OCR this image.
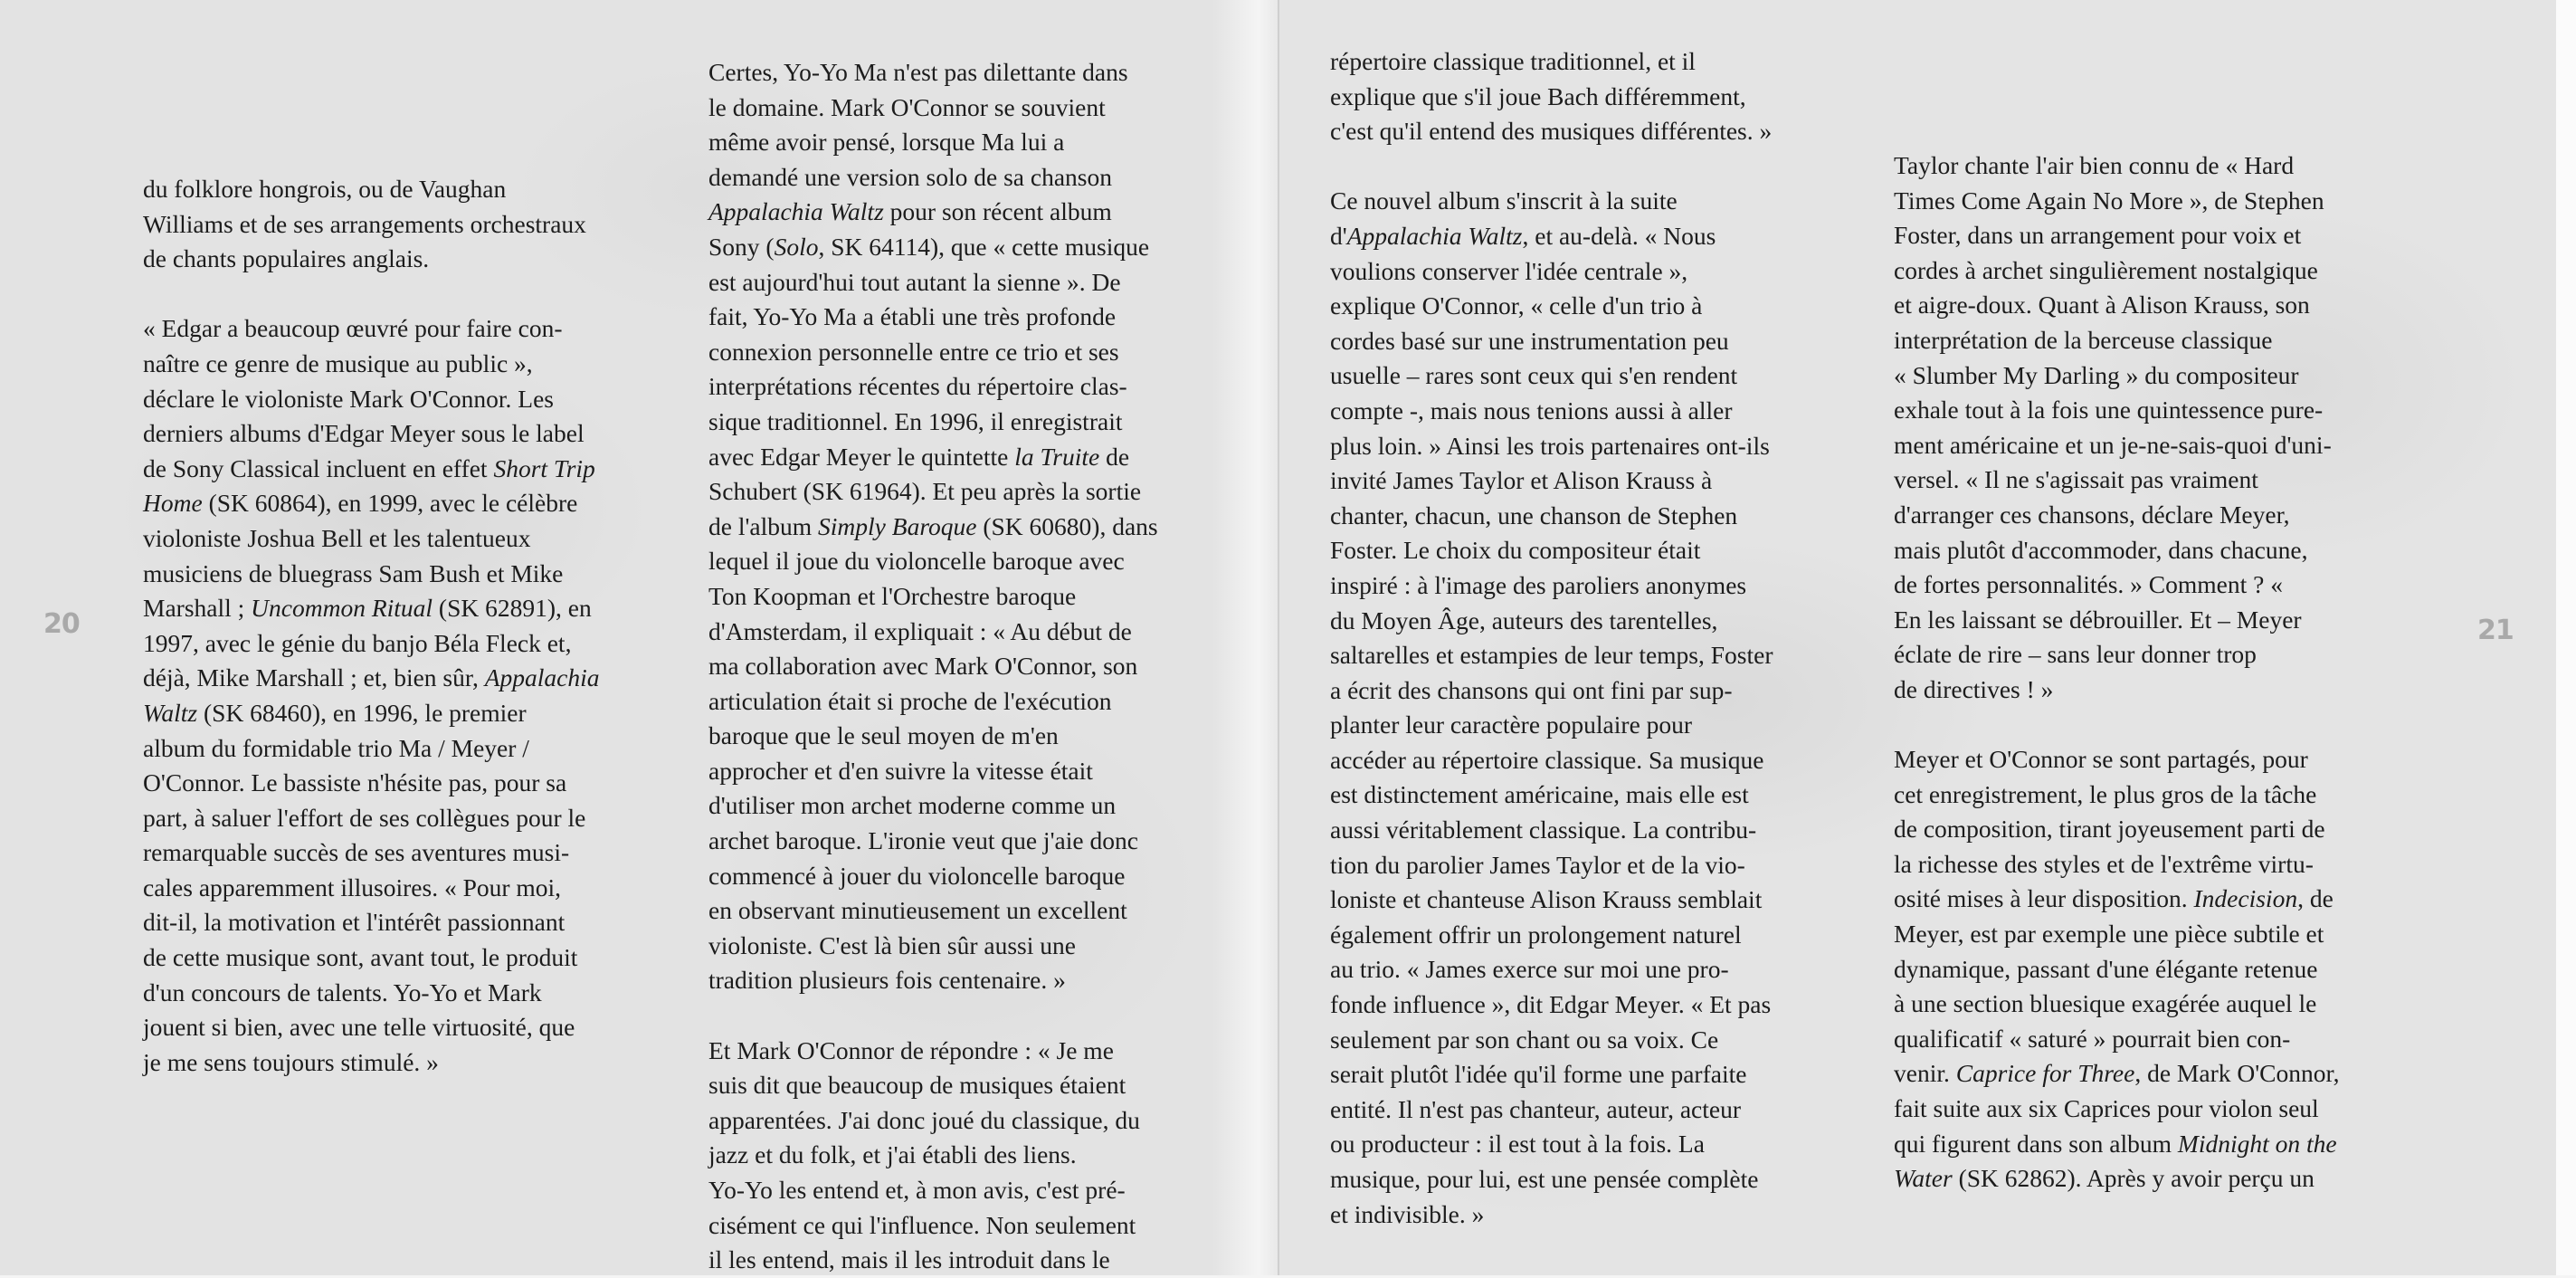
20	21
du folklore hongrois, ou de Vaughan
Williams et de ses arrangements orchestraux
de chants populaires anglais.
« Edgar a beaucoup œuvré pour faire con-
naître ce genre de musique au public »,
déclare le violoniste Mark O'Connor. Les
derniers albums d'Edgar Meyer sous le label
de Sony Classical incluent en effet Short Trip
Home (SK 60864), en 1999, avec le célèbre
violoniste Joshua Bell et les talentueux
musiciens de bluegrass Sam Bush et Mike
Marshall ; Uncommon Ritual (SK 62891), en
1997, avec le génie du banjo Béla Fleck et,
déjà, Mike Marshall ; et, bien sûr, Appalachia
Waltz (SK 68460), en 1996, le premier
album du formidable trio Ma / Meyer /
O'Connor. Le bassiste n'hésite pas, pour sa
part, à saluer l'effort de ses collègues pour le
remarquable succès de ses aventures musi-
cales apparemment illusoires. « Pour moi,
dit-il, la motivation et l'intérêt passionnant
de cette musique sont, avant tout, le produit
d'un concours de talents. Yo-Yo et Mark
jouent si bien, avec une telle virtuosité, que
je me sens toujours stimulé. »
Certes, Yo-Yo Ma n'est pas dilettante dans
le domaine. Mark O'Connor se souvient
même avoir pensé, lorsque Ma lui a
demandé une version solo de sa chanson
Appalachia Waltz pour son récent album
Sony (Solo, SK 64114), que « cette musique
est aujourd'hui tout autant la sienne ». De
fait, Yo-Yo Ma a établi une très profonde
connexion personnelle entre ce trio et ses
interprétations récentes du répertoire clas-
sique traditionnel. En 1996, il enregistrait
avec Edgar Meyer le quintette la Truite de
Schubert (SK 61964). Et peu après la sortie
de l'album Simply Baroque (SK 60680), dans
lequel il joue du violoncelle baroque avec
Ton Koopman et l'Orchestre baroque
d'Amsterdam, il expliquait : « Au début de
ma collaboration avec Mark O'Connor, son
articulation était si proche de l'exécution
baroque que le seul moyen de m'en
approcher et d'en suivre la vitesse était
d'utiliser mon archet moderne comme un
archet baroque. L'ironie veut que j'aie donc
commencé à jouer du violoncelle baroque
en observant minutieusement un excellent
violoniste. C'est là bien sûr aussi une
tradition plusieurs fois centenaire. »
Et Mark O'Connor de répondre : « Je me
suis dit que beaucoup de musiques étaient
apparentées. J'ai donc joué du classique, du
jazz et du folk, et j'ai établi des liens.
Yo-Yo les entend et, à mon avis, c'est pré-
cisément ce qui l'influence. Non seulement
il les entend, mais il les introduit dans le
répertoire classique traditionnel, et il
explique que s'il joue Bach différemment,
c'est qu'il entend des musiques différentes. »
Ce nouvel album s'inscrit à la suite
d'Appalachia Waltz, et au-delà. « Nous
voulions conserver l'idée centrale »,
explique O'Connor, « celle d'un trio à
cordes basé sur une instrumentation peu
usuelle – rares sont ceux qui s'en rendent
compte -, mais nous tenions aussi à aller
plus loin. » Ainsi les trois partenaires ont-ils
invité James Taylor et Alison Krauss à
chanter, chacun, une chanson de Stephen
Foster. Le choix du compositeur était
inspiré : à l'image des paroliers anonymes
du Moyen Âge, auteurs des tarentelles,
saltarelles et estampies de leur temps, Foster
a écrit des chansons qui ont fini par sup-
planter leur caractère populaire pour
accéder au répertoire classique. Sa musique
est distinctement américaine, mais elle est
aussi véritablement classique. La contribu-
tion du parolier James Taylor et de la vio-
loniste et chanteuse Alison Krauss semblait
également offrir un prolongement naturel
au trio. « James exerce sur moi une pro-
fonde influence », dit Edgar Meyer. « Et pas
seulement par son chant ou sa voix. Ce
serait plutôt l'idée qu'il forme une parfaite
entité. Il n'est pas chanteur, auteur, acteur
ou producteur : il est tout à la fois. La
musique, pour lui, est une pensée complète
et indivisible. »
Taylor chante l'air bien connu de « Hard
Times Come Again No More », de Stephen
Foster, dans un arrangement pour voix et
cordes à archet singulièrement nostalgique
et aigre-doux. Quant à Alison Krauss, son
interprétation de la berceuse classique
« Slumber My Darling » du compositeur
exhale tout à la fois une quintessence pure-
ment américaine et un je-ne-sais-quoi d'uni-
versel. « Il ne s'agissait pas vraiment
d'arranger ces chansons, déclare Meyer,
mais plutôt d'accommoder, dans chacune,
de fortes personnalités. » Comment ? «
En les laissant se débrouiller. Et – Meyer
éclate de rire – sans leur donner trop
de directives ! »
Meyer et O'Connor se sont partagés, pour
cet enregistrement, le plus gros de la tâche
de composition, tirant joyeusement parti de
la richesse des styles et de l'extrême virtu-
osité mises à leur disposition. Indecision, de
Meyer, est par exemple une pièce subtile et
dynamique, passant d'une élégante retenue
à une section bluesique exagérée auquel le
qualificatif « saturé » pourrait bien con-
venir. Caprice for Three, de Mark O'Connor,
fait suite aux six Caprices pour violon seul
qui figurent dans son album Midnight on the
Water (SK 62862). Après y avoir perçu un
